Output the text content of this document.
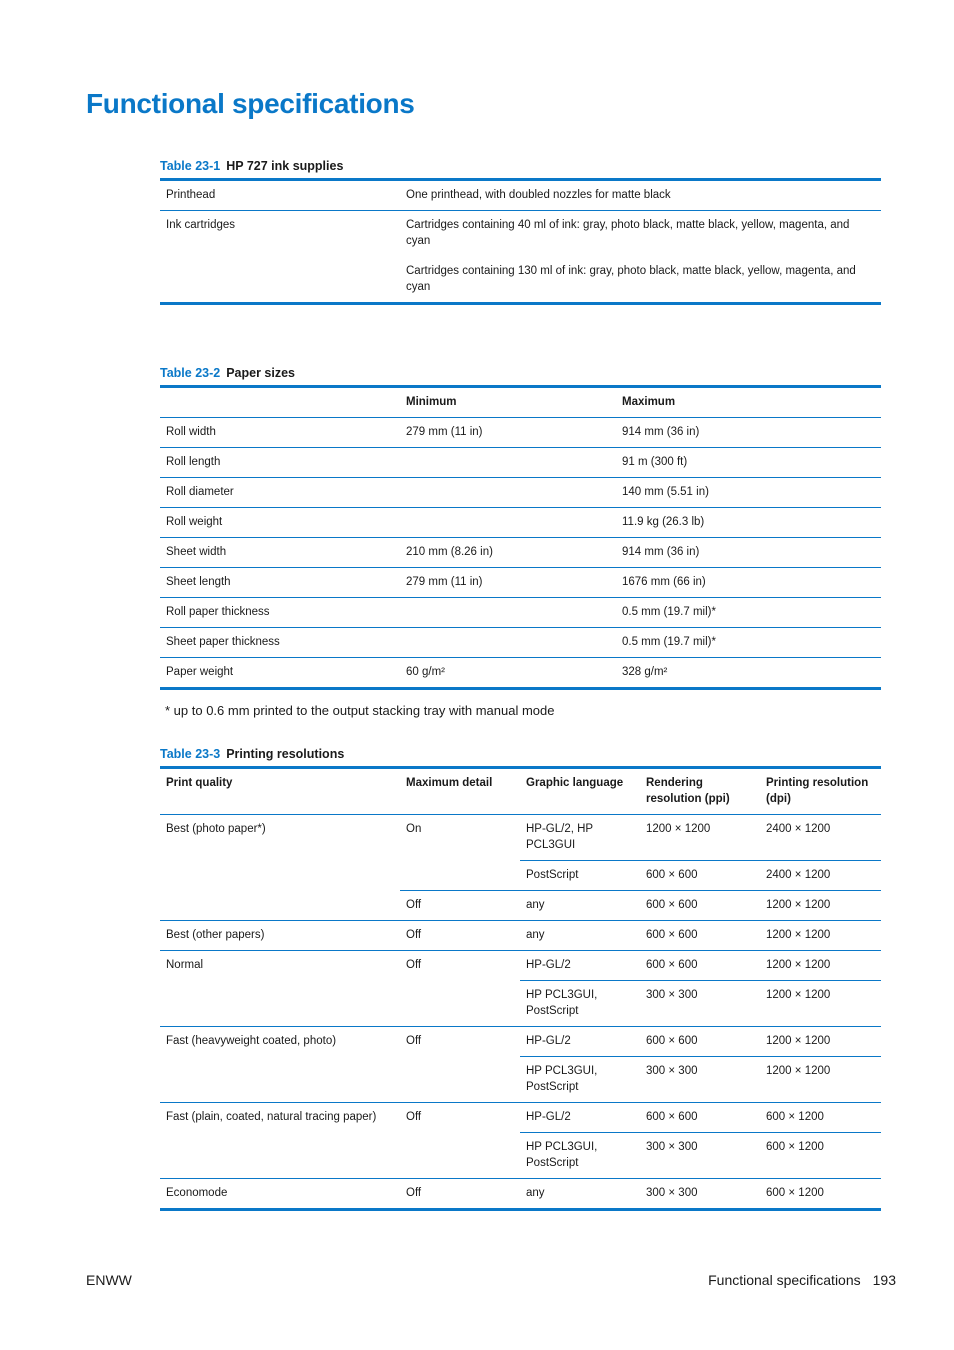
Functional specifications
Table 23-1 HP 727 ink supplies
Printhead	One printhead, with doubled nozzles for matte black

Ink cartridges	Cartridges containing 40 ml of ink: gray, photo black, matte black, yellow, magenta, and cyan

Cartridges containing 130 ml of ink: gray, photo black, matte black, yellow, magenta, and cyan

Table 23-2 Paper sizes
	Minimum	Maximum
Roll width	279 mm (11 in)	914 mm (36 in)
Roll length		91 m (300 ft)
Roll diameter		140 mm (5.51 in)
Roll weight		11.9 kg (26.3 lb)
Sheet width	210 mm (8.26 in)	914 mm (36 in)
Sheet length	279 mm (11 in)	1676 mm (66 in)
Roll paper thickness		0.5 mm (19.7 mil)*
Sheet paper thickness		0.5 mm (19.7 mil)*
Paper weight	60 g/m²	328 g/m²

* up to 0.6 mm printed to the output stacking tray with manual mode

Table 23-3 Printing resolutions
Print quality	Maximum detail	Graphic language	Rendering resolution (ppi)	Printing resolution (dpi)
Best (photo paper*)	On	HP-GL/2, HP PCL3GUI	1200 × 1200	2400 × 1200
		PostScript	600 × 600	2400 × 1200
	Off	any	600 × 600	1200 × 1200
Best (other papers)	Off	any	600 × 600	1200 × 1200
Normal	Off	HP-GL/2	600 × 600	1200 × 1200
		HP PCL3GUI, PostScript	300 × 300	1200 × 1200
Fast (heavyweight coated, photo)	Off	HP-GL/2	600 × 600	1200 × 1200
		HP PCL3GUI, PostScript	300 × 300	1200 × 1200
Fast (plain, coated, natural tracing paper)	Off	HP-GL/2	600 × 600	600 × 1200
		HP PCL3GUI, PostScript	300 × 300	600 × 1200
Economode	Off	any	300 × 300	600 × 1200
ENWW	Functional specifications 193
